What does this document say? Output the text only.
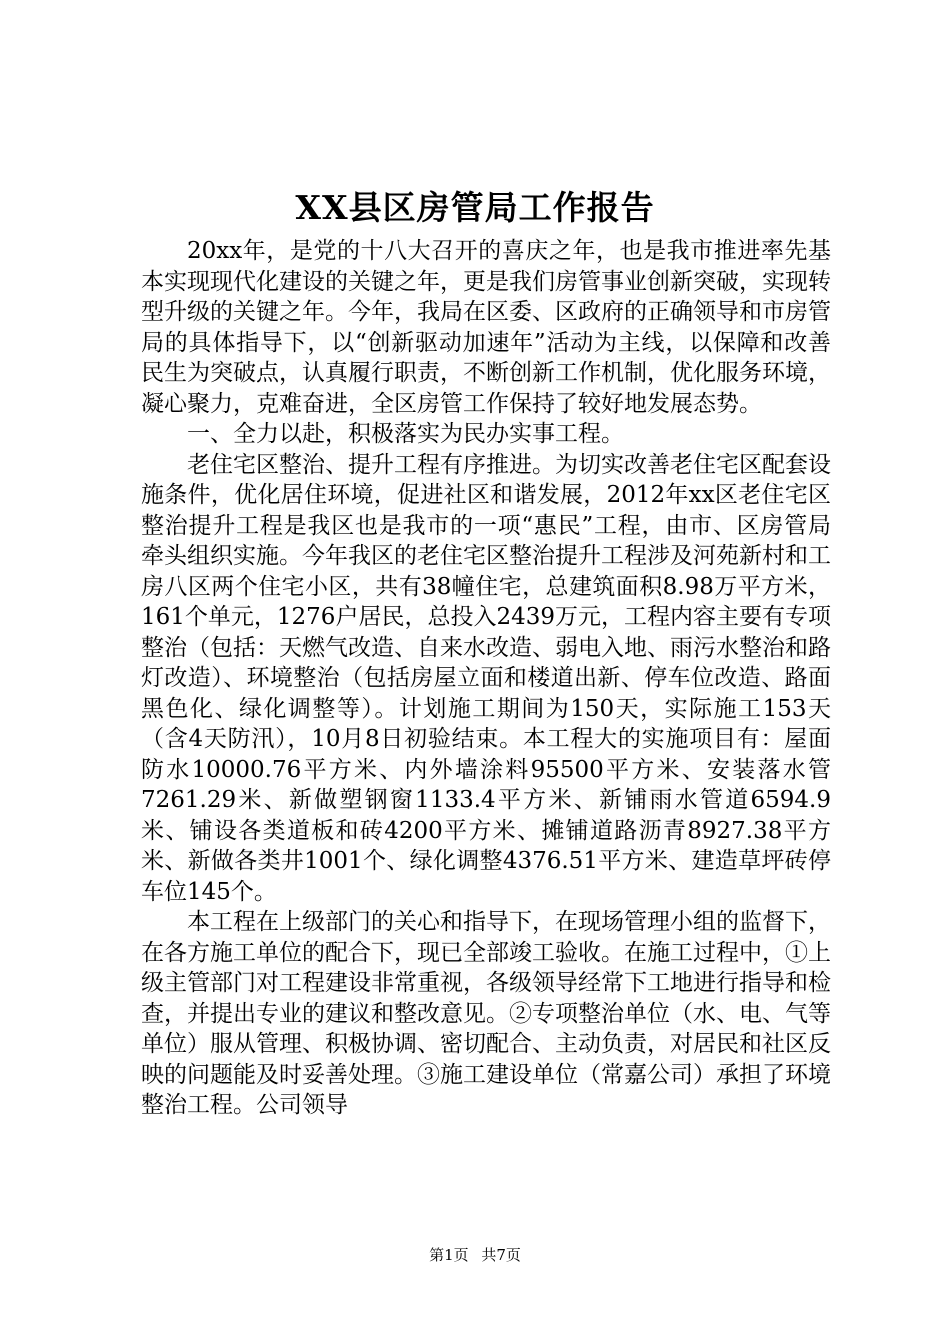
XX县区房管局工作报告

20xx年，是党的十八大召开的喜庆之年，也是我市推进率先基本实现现代化建设的关键之年，更是我们房管事业创新突破，实现转型升级的关键之年。今年，我局在区委、区政府的正确领导和市房管局的具体指导下，以“创新驱动加速年”活动为主线，以保障和改善民生为突破点，认真履行职责，不断创新工作机制，优化服务环境，凝心聚力，克难奋进，全区房管工作保持了较好地发展态势。

一、全力以赴，积极落实为民办实事工程。

老住宅区整治、提升工程有序推进。为切实改善老住宅区配套设施条件，优化居住环境，促进社区和谐发展，2012年xx区老住宅区整治提升工程是我区也是我市的一项“惠民”工程，由市、区房管局牵头组织实施。今年我区的老住宅区整治提升工程涉及河苑新村和工房八区两个住宅小区，共有38幢住宅，总建筑面积8.98万平方米，161个单元，1276户居民，总投入2439万元，工程内容主要有专项整治（包括：天燃气改造、自来水改造、弱电入地、雨污水整治和路灯改造）、环境整治（包括房屋立面和楼道出新、停车位改造、路面黑色化、绿化调整等）。计划施工期间为150天，实际施工153天（含4天防汛），10月8日初验结束。本工程大的实施项目有：屋面防水10000.76平方米、内外墙涂料95500平方米、安装落水管7261.29米、新做塑钢窗1133.4平方米、新铺雨水管道6594.9米、铺设各类道板和砖4200平方米、摊铺道路沥青8927.38平方米、新做各类井1001个、绿化调整4376.51平方米、建造草坪砖停车位145个。

本工程在上级部门的关心和指导下，在现场管理小组的监督下，在各方施工单位的配合下，现已全部竣工验收。在施工过程中，①上级主管部门对工程建设非常重视，各级领导经常下工地进行指导和检查，并提出专业的建议和整改意见。②专项整治单位（水、电、气等单位）服从管理、积极协调、密切配合、主动负责，对居民和社区反映的问题能及时妥善处理。③施工建设单位（常嘉公司）承担了环境整治工程。公司领导

第1页 共7页
